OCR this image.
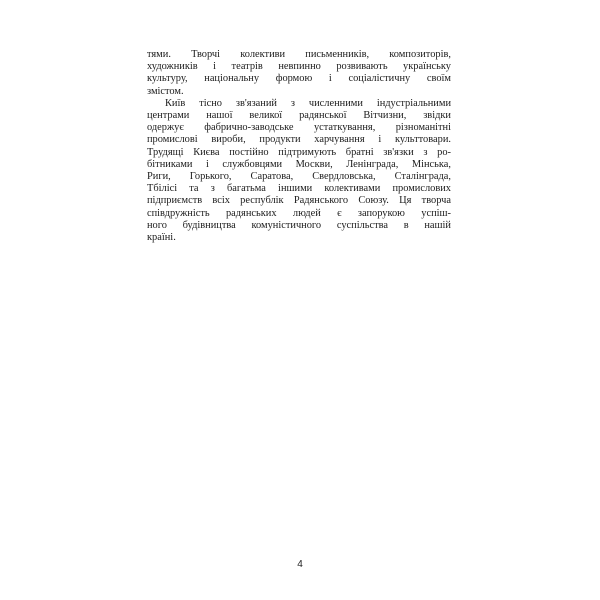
тями. Творчі колективи письменників, композиторів,
художників і театрів невпинно розвивають українську
культуру, національну формою і соціалістичну своїм
змістом.

Київ тісно зв'язаний з численними індустріальними
центрами нашої великої радянської Вітчизни, звідки
одержує фабрично-заводське устаткування, різноманітні
промислові вироби, продукти харчування і культтовари.
Трудящі Києва постійно підтримують братні зв'язки з ро-
бітниками і службовцями Москви, Ленінграда, Мінська,
Риги, Горького, Саратова, Свердловська, Сталінграда,
Тбілісі та з багатьма іншими колективами промислових
підприємств всіх республік Радянського Союзу. Ця творча
співдружність радянських людей є запорукою успіш-
ного будівництва комуністичного суспільства в нашій
країні.

4
